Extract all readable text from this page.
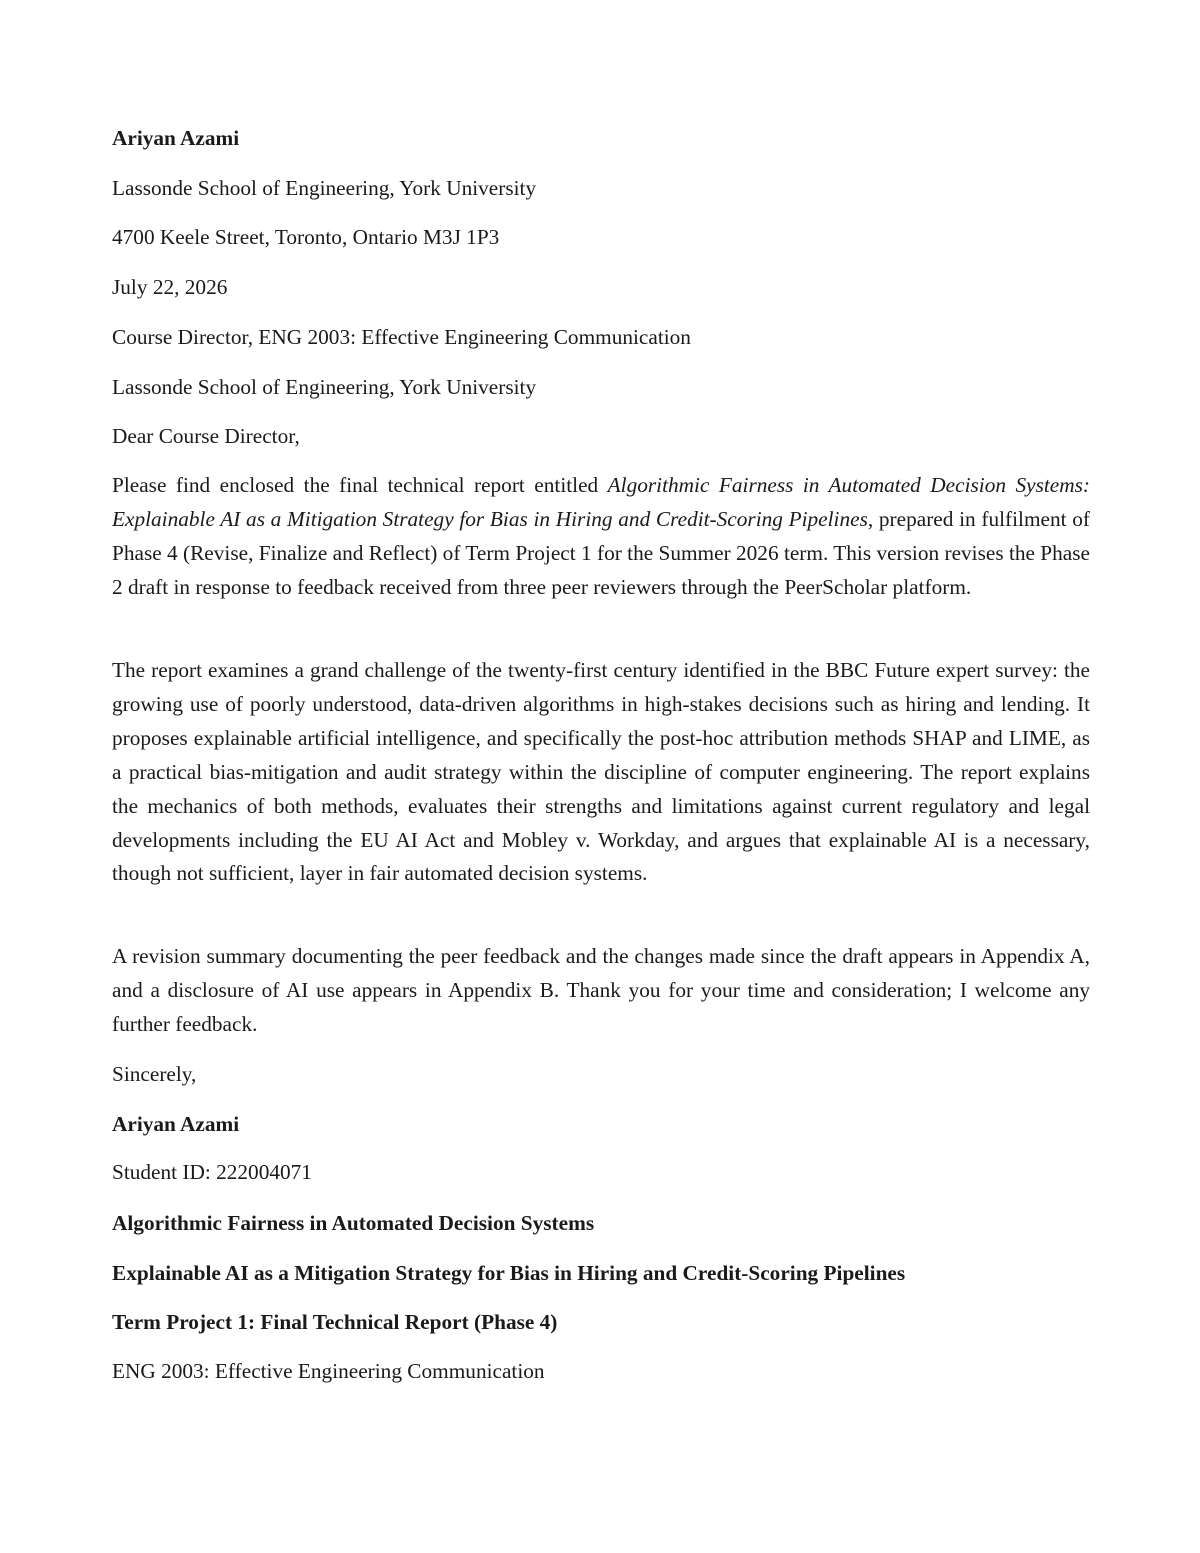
Ariyan Azami

Lassonde School of Engineering, York University

4700 Keele Street, Toronto, Ontario M3J 1P3

July 22, 2026

Course Director, ENG 2003: Effective Engineering Communication

Lassonde School of Engineering, York University

Dear Course Director,

Please find enclosed the final technical report entitled Algorithmic Fairness in Automated Decision Systems: Explainable AI as a Mitigation Strategy for Bias in Hiring and Credit-Scoring Pipelines, prepared in fulfilment of Phase 4 (Revise, Finalize and Reflect) of Term Project 1 for the Summer 2026 term. This version revises the Phase 2 draft in response to feedback received from three peer reviewers through the PeerScholar platform.

The report examines a grand challenge of the twenty-first century identified in the BBC Future expert survey: the growing use of poorly understood, data-driven algorithms in high-stakes decisions such as hiring and lending. It proposes explainable artificial intelligence, and specifically the post-hoc attribution methods SHAP and LIME, as a practical bias-mitigation and audit strategy within the discipline of computer engineering. The report explains the mechanics of both methods, evaluates their strengths and limitations against current regulatory and legal developments including the EU AI Act and Mobley v. Workday, and argues that explainable AI is a necessary, though not sufficient, layer in fair automated decision systems.

A revision summary documenting the peer feedback and the changes made since the draft appears in Appendix A, and a disclosure of AI use appears in Appendix B. Thank you for your time and consideration; I welcome any further feedback.

Sincerely,

Ariyan Azami

Student ID: 222004071

Algorithmic Fairness in Automated Decision Systems

Explainable AI as a Mitigation Strategy for Bias in Hiring and Credit-Scoring Pipelines

Term Project 1: Final Technical Report (Phase 4)

ENG 2003: Effective Engineering Communication
